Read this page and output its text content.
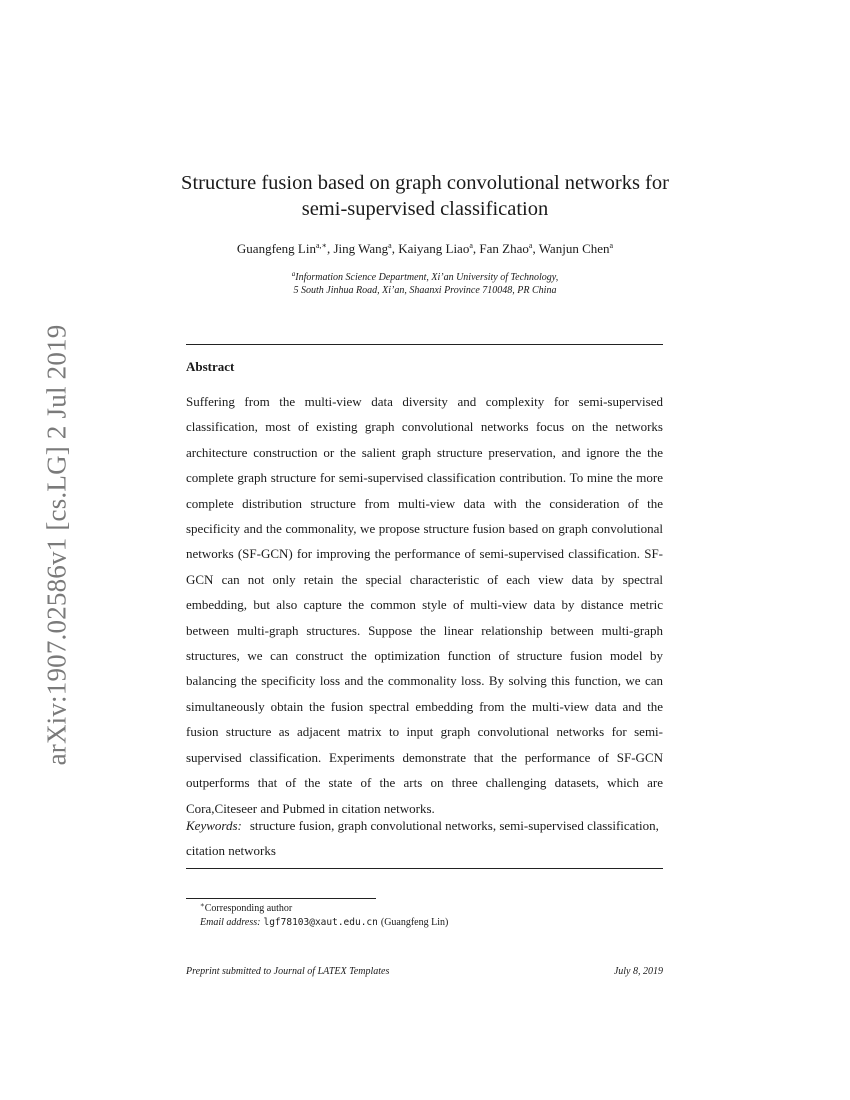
arXiv:1907.02586v1 [cs.LG] 2 Jul 2019
Structure fusion based on graph convolutional networks for
semi-supervised classification
Guangfeng Lin$^{a,∗}$, Jing Wang$^a$, Kaiyang Liao$^a$, Fan Zhao$^a$, Wanjun Chen$^a$
$^a$Information Science Department, Xi’an University of Technology,
5 South Jinhua Road, Xi’an, Shaanxi Province 710048, PR China
Abstract

Suffering from the multi-view data diversity and complexity for semi-supervised classification, most of existing graph convolutional networks focus on the networks architecture construction or the salient graph structure preservation, and ignore the the complete graph structure for semi-supervised classification contribution. To mine the more complete distribution structure from multi-view data with the consideration of the specificity and the commonality, we propose structure fusion based on graph convolutional networks (SF-GCN) for improving the performance of semi-supervised classification. SF-GCN can not only retain the special characteristic of each view data by spectral embedding, but also capture the common style of multi-view data by distance metric between multi-graph structures. Suppose the linear relationship between multi-graph structures, we can construct the optimization function of structure fusion model by balancing the specificity loss and the commonality loss. By solving this function, we can simultaneously obtain the fusion spectral embedding from the multi-view data and the fusion structure as adjacent matrix to input graph convolutional networks for semi-supervised classification. Experiments demonstrate that the performance of SF-GCN outperforms that of the state of the arts on three challenging datasets, which are Cora,Citeseer and Pubmed in citation networks.

Keywords: structure fusion, graph convolutional networks, semi-supervised classification, citation networks
∗Corresponding author
Email address: lgf78103@xaut.edu.cn (Guangfeng Lin)
Preprint submitted to Journal of LATEX Templates	July 8, 2019
